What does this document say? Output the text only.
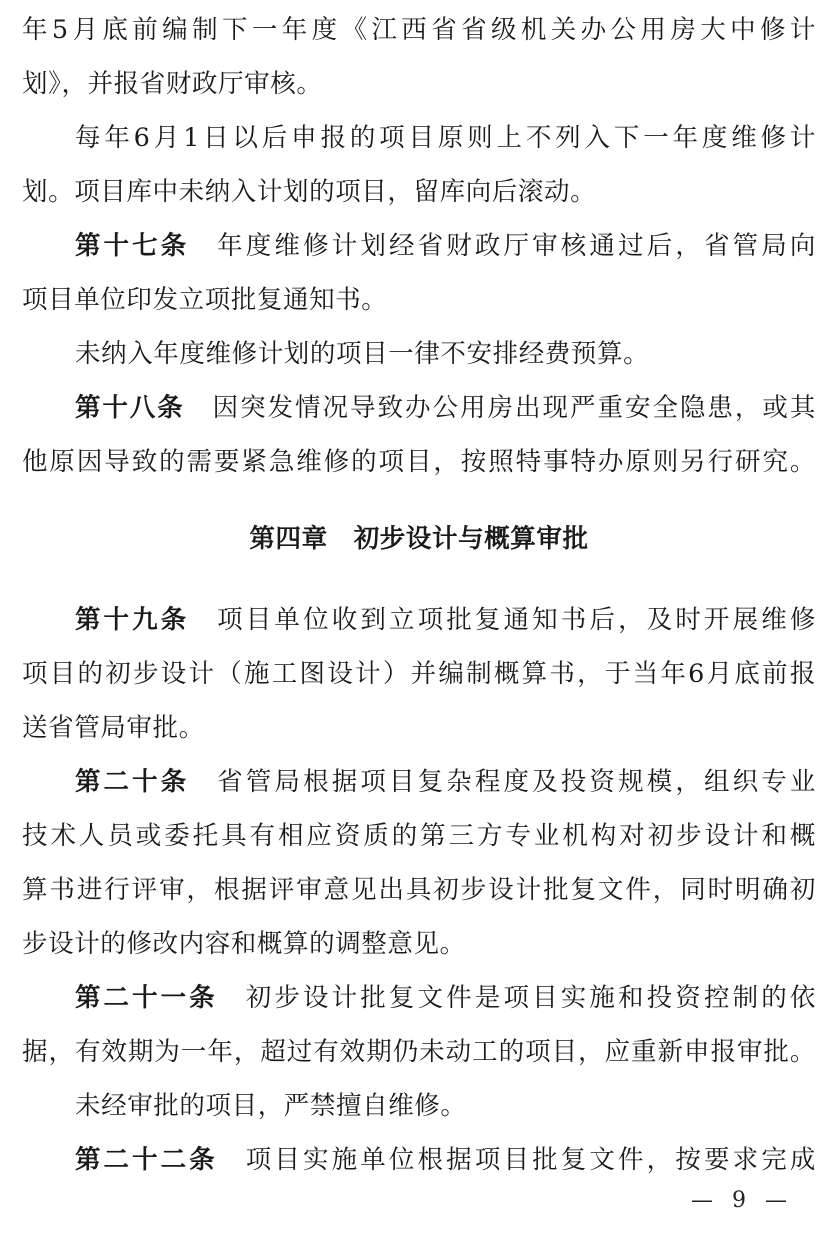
年5月底前编制下一年度《江西省省级机关办公用房大中修计
划》，并报省财政厅审核。
每年6月1日以后申报的项目原则上不列入下一年度维修计
划。项目库中未纳入计划的项目，留库向后滚动。
第十七条 年度维修计划经省财政厅审核通过后，省管局向
项目单位印发立项批复通知书。
未纳入年度维修计划的项目一律不安排经费预算。
第十八条 因突发情况导致办公用房出现严重安全隐患，或其
他原因导致的需要紧急维修的项目，按照特事特办原则另行研究。
第四章 初步设计与概算审批
第十九条 项目单位收到立项批复通知书后，及时开展维修
项目的初步设计（施工图设计）并编制概算书，于当年6月底前报
送省管局审批。
第二十条 省管局根据项目复杂程度及投资规模，组织专业
技术人员或委托具有相应资质的第三方专业机构对初步设计和概
算书进行评审，根据评审意见出具初步设计批复文件，同时明确初
步设计的修改内容和概算的调整意见。
第二十一条 初步设计批复文件是项目实施和投资控制的依
据，有效期为一年，超过有效期仍未动工的项目，应重新申报审批。
未经审批的项目，严禁擅自维修。
第二十二条 项目实施单位根据项目批复文件，按要求完成
— 9 —
